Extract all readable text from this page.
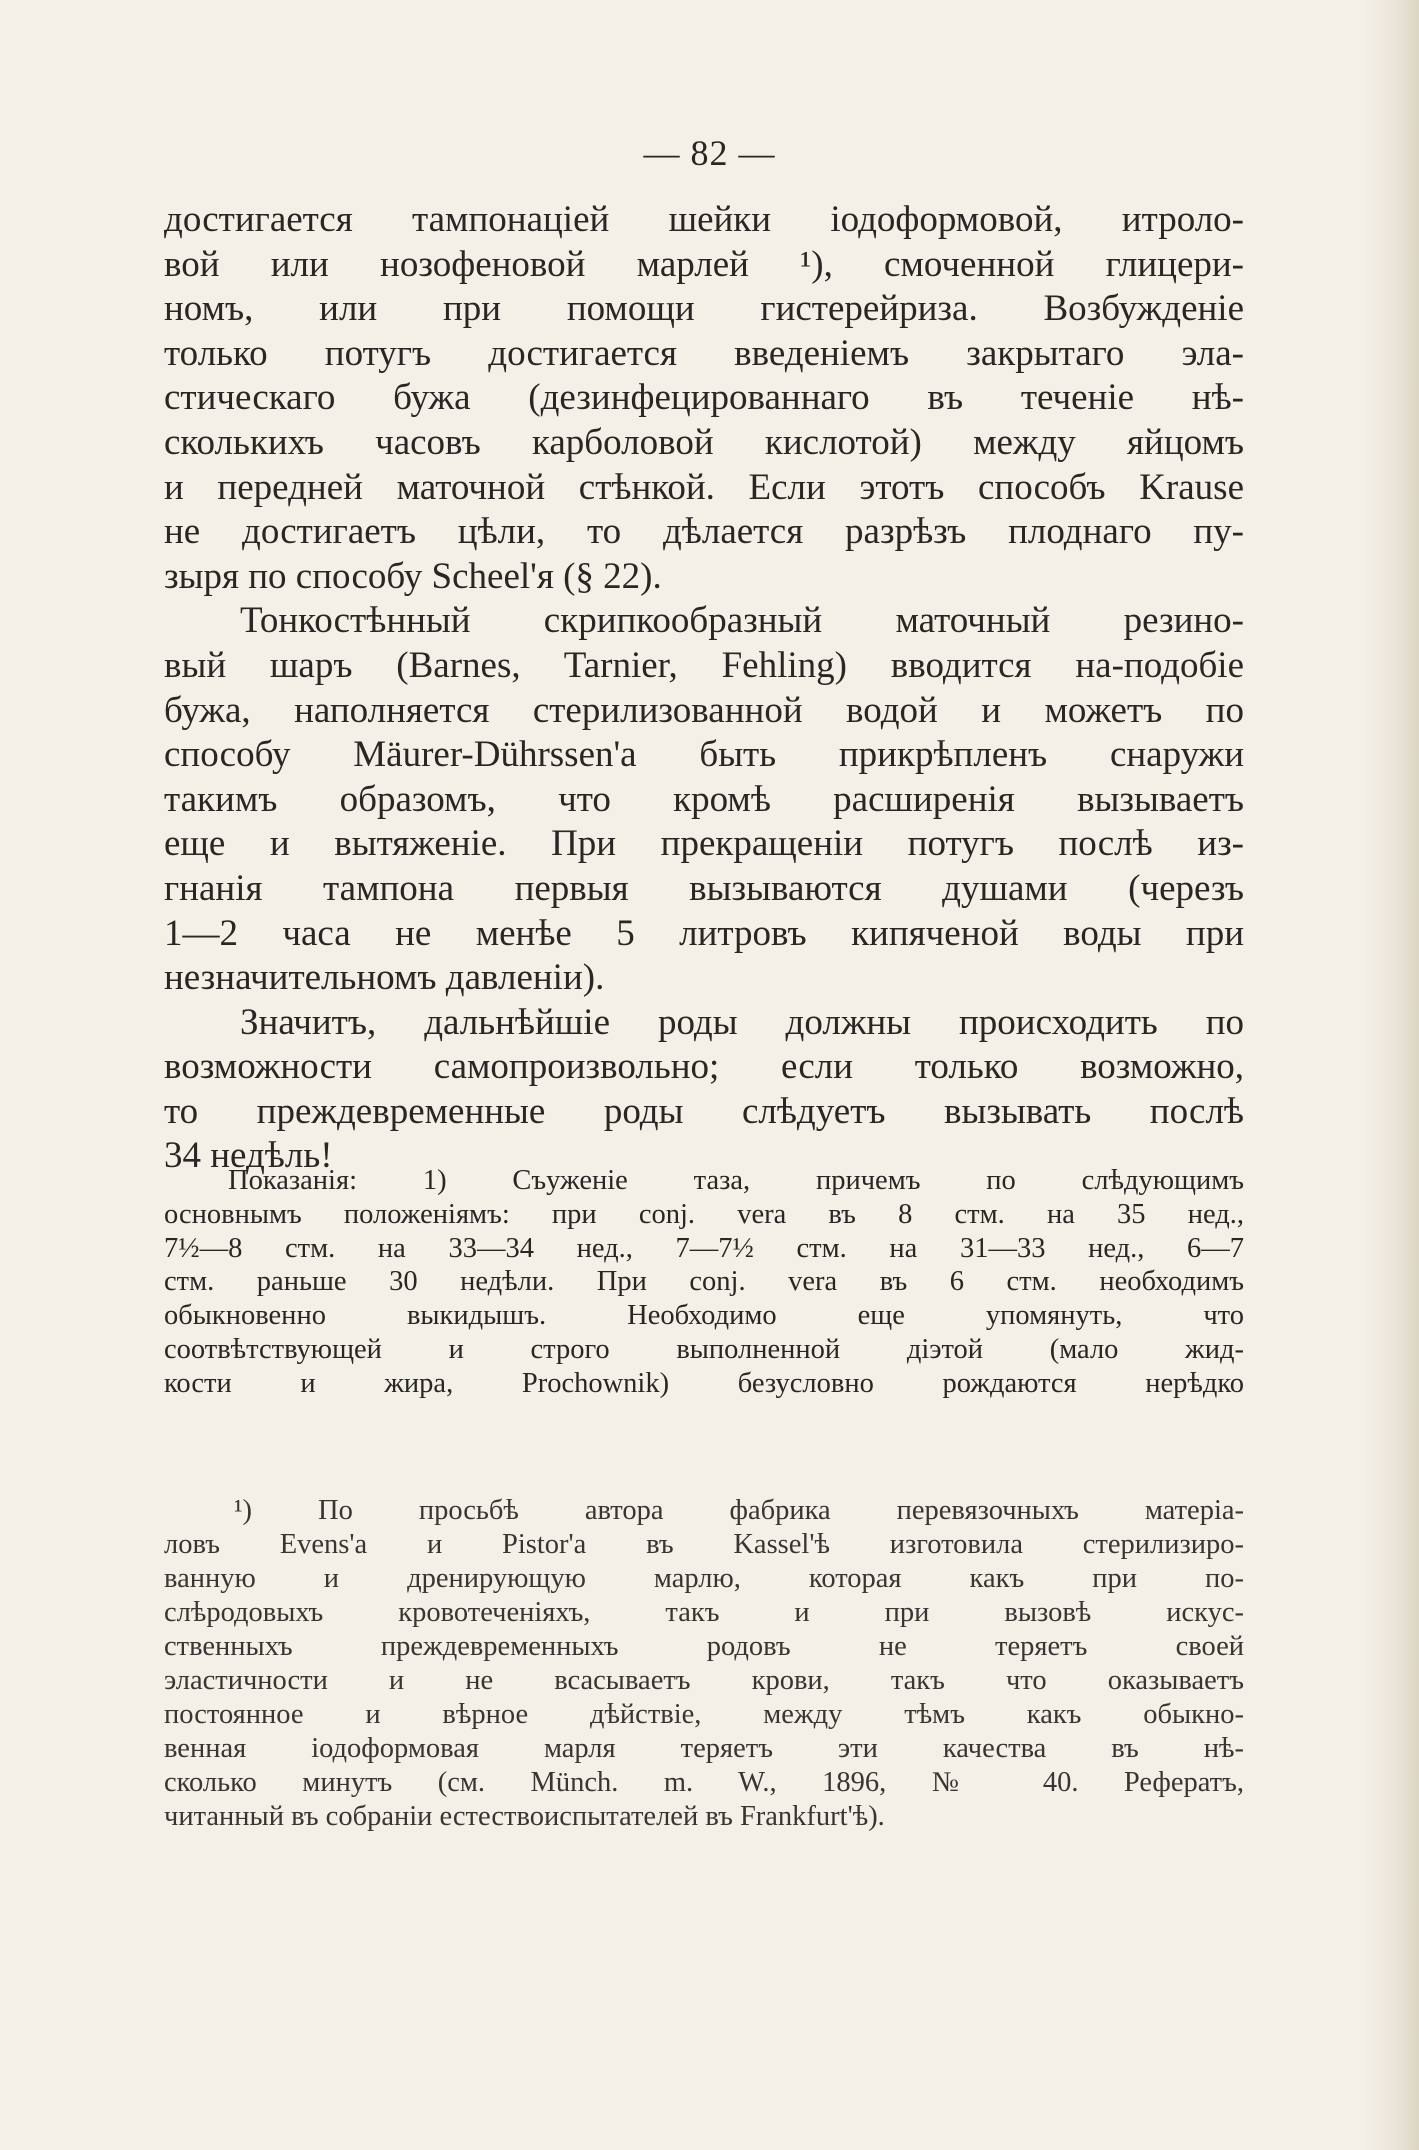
— 82 —
достигается тампонаціей шейки іодоформовой, итроло-
вой или нозофеновой марлей ¹), смоченной глицери-
номъ, или при помощи гистерейриза. Возбужденіе
только потугъ достигается введеніемъ закрытаго эла-
стическаго бужа (дезинфецированнаго въ теченіе нѣ-
сколькихъ часовъ карболовой кислотой) между яйцомъ
и передней маточной стѣнкой. Если этотъ способъ Krause
не достигаетъ цѣли, то дѣлается разрѣзъ плоднаго пу-
зыря по способу Scheel'я (§ 22).
Тонкостѣнный скрипкообразный маточный резино-
вый шаръ (Barnes, Tarnier, Fehling) вводится на-подобіе
бужа, наполняется стерилизованной водой и можетъ по
способу Mäurer-Dührssen'а быть прикрѣпленъ снаружи
такимъ образомъ, что кромѣ расширенія вызываетъ
еще и вытяженіе. При прекращеніи потугъ послѣ из-
гнанія тампона первыя вызываются душами (черезъ
1—2 часа не менѣе 5 литровъ кипяченой воды при
незначительномъ давленіи).
Значитъ, дальнѣйшіе роды должны происходить по
возможности самопроизвольно; если только возможно,
то преждевременные роды слѣдуетъ вызывать послѣ
34 недѣль!
Показанія: 1) Съуженіе таза, причемъ по слѣдующимъ
основнымъ положеніямъ: при conj. vera въ 8 стм. на 35 нед.,
7½—8 стм. на 33—34 нед., 7—7½ стм. на 31—33 нед., 6—7
стм. раньше 30 недѣли. При conj. vera въ 6 стм. необходимъ
обыкновенно выкидышъ. Необходимо еще упомянуть, что
соотвѣтствующей и строго выполненной діэтой (мало жид-
кости и жира, Prochownik) безусловно рождаются нерѣдко
¹) По просьбѣ автора фабрика перевязочныхъ матеріа-
ловъ Evens'а и Pistor'а въ Kassel'ѣ изготовила стерилизиро-
ванную и дренирующую марлю, которая какъ при по-
слѣродовыхъ кровотеченіяхъ, такъ и при вызовѣ искус-
ственныхъ преждевременныхъ родовъ не теряетъ своей
эластичности и не всасываетъ крови, такъ что оказываетъ
постоянное и вѣрное дѣйствіе, между тѣмъ какъ обыкно-
венная іодоформовая марля теряетъ эти качества въ нѣ-
сколько минутъ (см. Münch. m. W., 1896, № 40. Рефератъ,
читанный въ собраніи естествоиспытателей въ Frankfurt'ѣ).
